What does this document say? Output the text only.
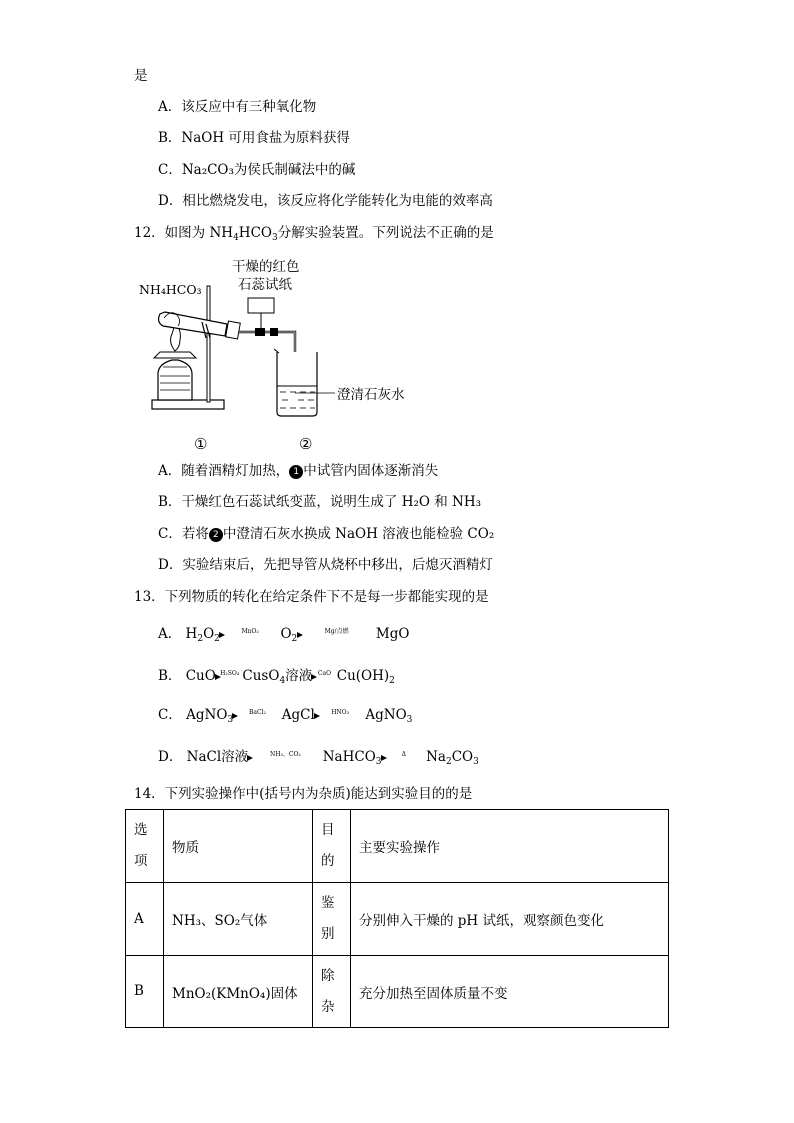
是
A．该反应中有三种氧化物
B．NaOH 可用食盐为原料获得
C．Na₂CO₃为侯氏制碱法中的碱
D．相比燃烧发电，该反应将化学能转化为电能的效率高
12．如图为 $NH_4HCO_3$分解实验装置。下列说法不正确的是
NH₄HCO₃
干燥的红色
石蕊试纸
澄清石灰水
①	②
A．随着酒精灯加热， 1 中试管内固体逐渐消失
B．干燥红色石蕊试纸变蓝，说明生成了 H₂O 和 NH₃
C．若将 2 中澄清石灰水换成 NaOH 溶液也能检验 CO₂
D．实验结束后，先把导管从烧杯中移出，后熄灭酒精灯
13．下列物质的转化在给定条件下不是每一步都能实现的是
A． $H_2O_2$
MnO₂	$O_2$
Mg/点燃	MgO
B． CuO H₂SO₄ CusO$_4$溶液 CaO $Cu(OH)_2$
C． AgNO$_3$
BaCl₂	AgCl	HNO₃	AgNO$_3$
D． NaCl溶液	NH₃、CO₂	NaHCO$_3$
Δ	$Na_2CO_3$
14．下列实验操作中(括号内为杂质)能达到实验目的的是
选项	物质	目的	主要实验操作
A	NH₃、SO₂气体	鉴别	分别伸入干燥的 pH 试纸，观察颜色变化
B	MnO₂(KMnO₄)固体	除杂	充分加热至固体质量不变
